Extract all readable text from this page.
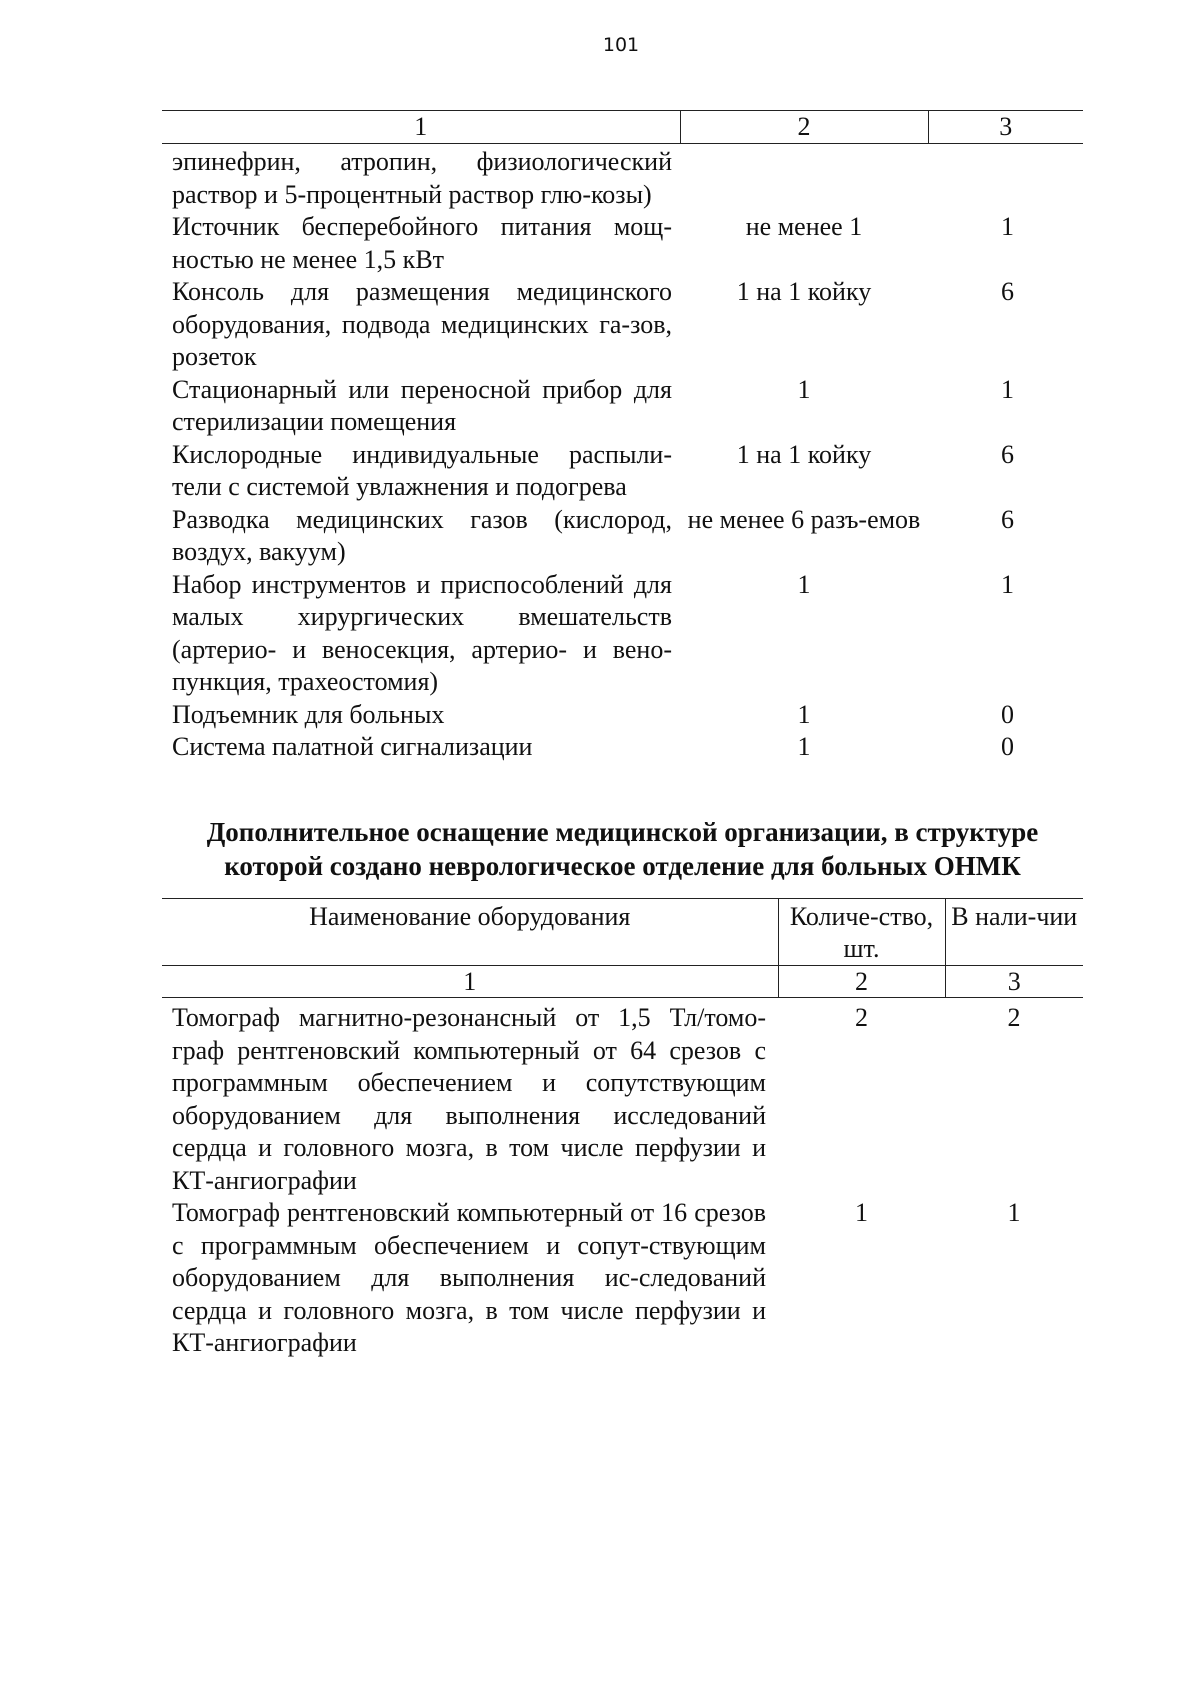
101
1	2	3
эпинефрин, атропин, физиологический раствор и 5-процентный раствор глю-козы)		
Источник бесперебойного питания мощ-ностью не менее 1,5 кВт	не менее 1	1
Консоль для размещения медицинского оборудования, подвода медицинских га-зов, розеток	1 на 1 койку	6
Стационарный или переносной прибор для стерилизации помещения	1	1
Кислородные индивидуальные распыли-тели с системой увлажнения и подогрева	1 на 1 койку	6
Разводка медицинских газов (кислород, воздух, вакуум)	не менее 6 разъ-емов	6
Набор инструментов и приспособлений для малых хирургических вмешательств (артерио- и веносекция, артерио- и вено-пункция, трахеостомия)	1	1
Подъемник для больных	1	0
Система палатной сигнализации	1	0
Дополнительное оснащение медицинской организации, в структуре
которой создано неврологическое отделение для больных ОНМК
Наименование оборудования	Количе-ство, шт.	В нали-чии
1	2	3
Томограф магнитно-резонансный от 1,5 Тл/томо-граф рентгеновский компьютерный от 64 срезов с программным обеспечением и сопутствующим оборудованием для выполнения исследований сердца и головного мозга, в том числе перфузии и КТ-ангиографии	2	2
Томограф рентгеновский компьютерный от 16 срезов с программным обеспечением и сопут-ствующим оборудованием для выполнения ис-следований сердца и головного мозга, в том числе перфузии и КТ-ангиографии	1	1
